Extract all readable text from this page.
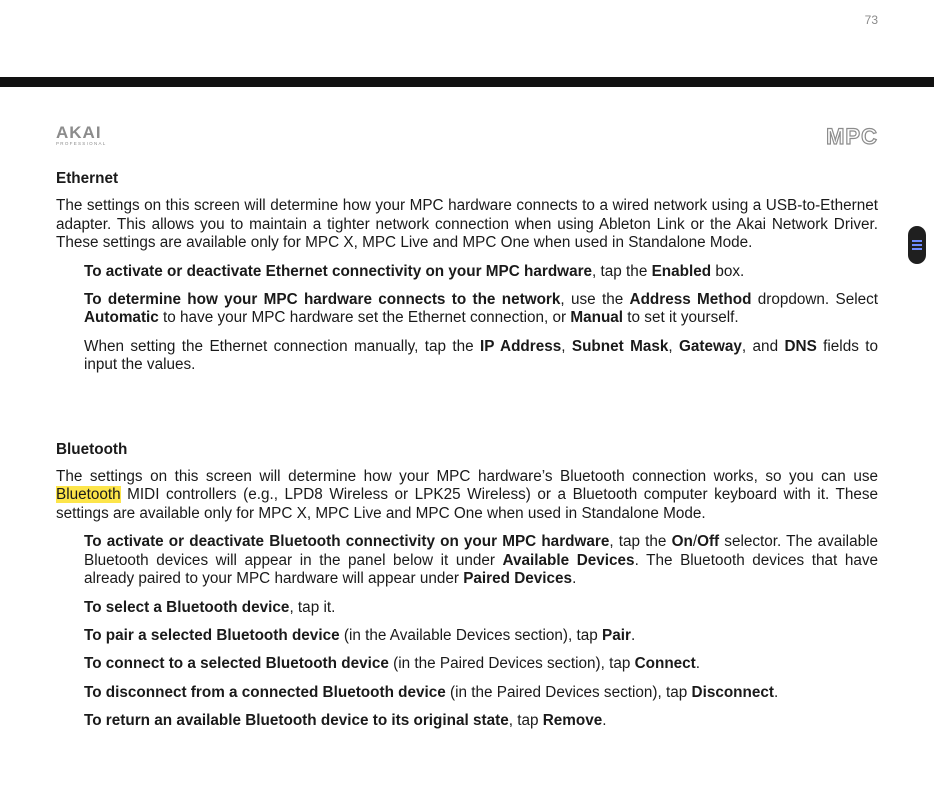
73
AKAI
PROFESSIONAL	MPC
Ethernet

The settings on this screen will determine how your MPC hardware connects to a wired network using a USB-to-Ethernet adapter. This allows you to maintain a tighter network connection when using Ableton Link or the Akai Network Driver. These settings are available only for MPC X, MPC Live and MPC One when used in Standalone Mode.

To activate or deactivate Ethernet connectivity on your MPC hardware, tap the Enabled box.

To determine how your MPC hardware connects to the network, use the Address Method dropdown. Select Automatic to have your MPC hardware set the Ethernet connection, or Manual to set it yourself.

When setting the Ethernet connection manually, tap the IP Address, Subnet Mask, Gateway, and DNS fields to input the values.

Bluetooth

The settings on this screen will determine how your MPC hardware’s Bluetooth connection works, so you can use Bluetooth MIDI controllers (e.g., LPD8 Wireless or LPK25 Wireless) or a Bluetooth computer keyboard with it. These settings are available only for MPC X, MPC Live and MPC One when used in Standalone Mode.

To activate or deactivate Bluetooth connectivity on your MPC hardware, tap the On/Off selector. The available Bluetooth devices will appear in the panel below it under Available Devices. The Bluetooth devices that have already paired to your MPC hardware will appear under Paired Devices.

To select a Bluetooth device, tap it.

To pair a selected Bluetooth device (in the Available Devices section), tap Pair.

To connect to a selected Bluetooth device (in the Paired Devices section), tap Connect.

To disconnect from a connected Bluetooth device (in the Paired Devices section), tap Disconnect.

To return an available Bluetooth device to its original state, tap Remove.
